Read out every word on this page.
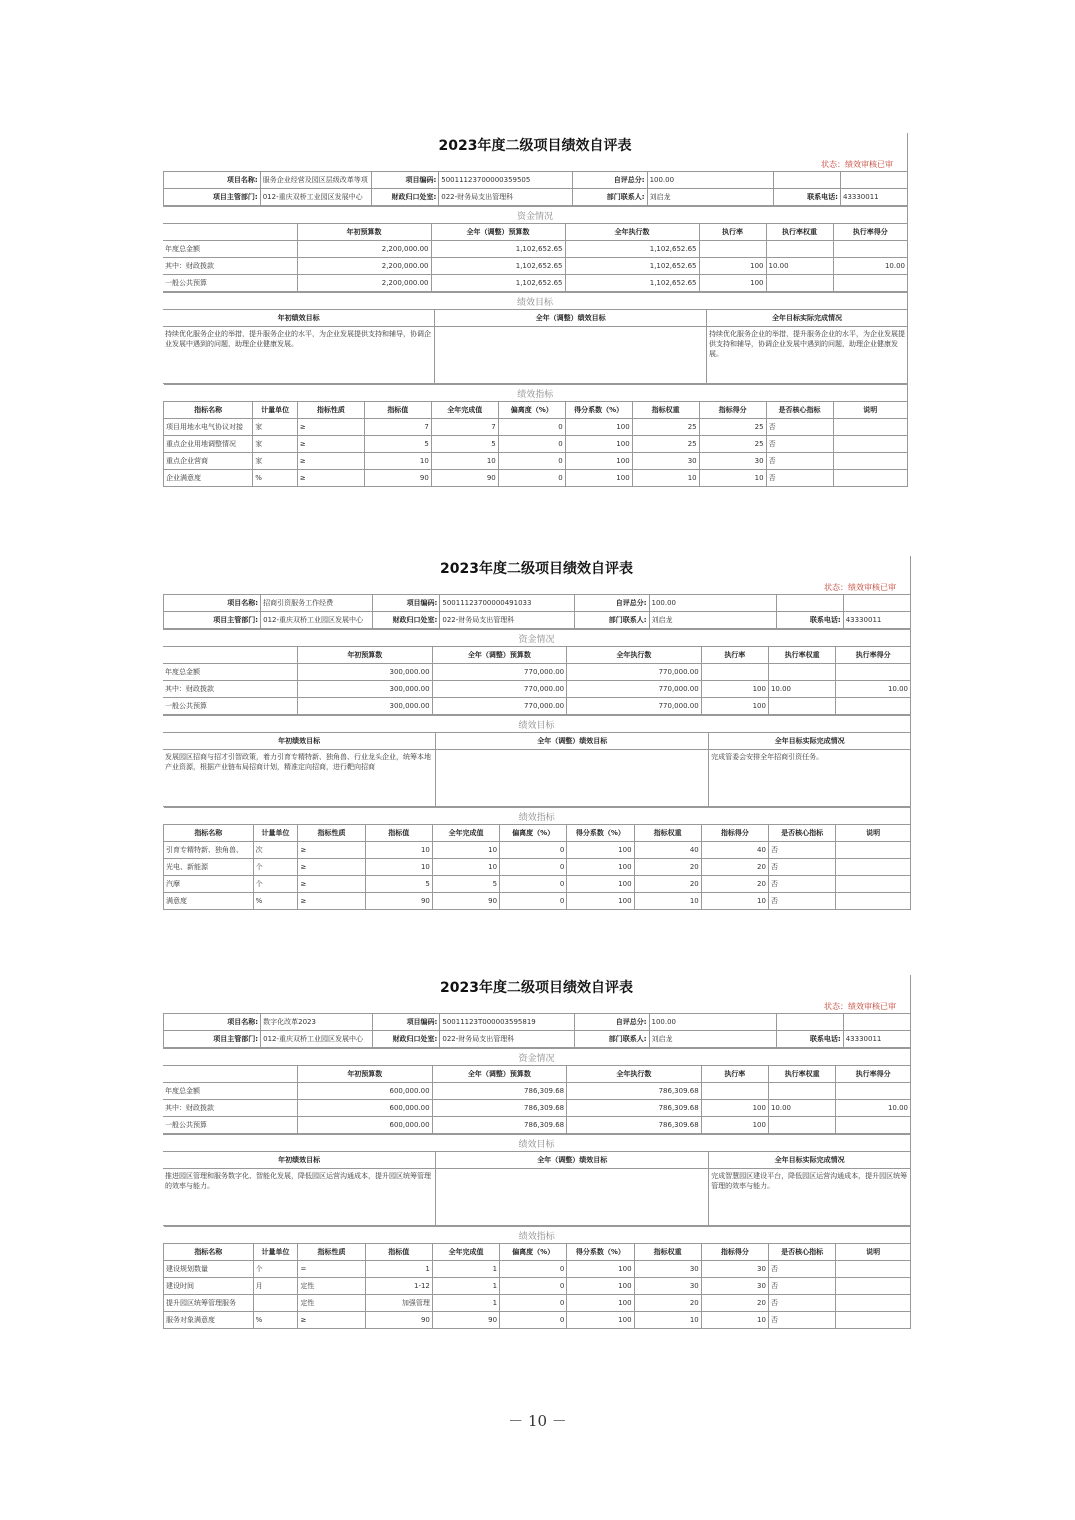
2023年度二级项目绩效自评表
状态：绩效审核已审
项目名称:	服务企业经营及园区层级改革等项	项目编码:	50011123700000359505	自评总分:	100.00		
项目主管部门:	012-重庆双桥工业园区发展中心	财政归口处室:	022-财务局支出管理科	部门联系人:	刘启龙	联系电话:	43330011
资金情况						
	年初预算数	全年（调整）预算数	全年执行数	执行率	执行率权重	执行率得分
年度总金额	2,200,000.00	1,102,652.65	1,102,652.65			
其中：财政拨款	2,200,000.00	1,102,652.65	1,102,652.65	100	10.00	10.00
一般公共预算	2,200,000.00	1,102,652.65	1,102,652.65	100		
绩效目标		
年初绩效目标	全年（调整）绩效目标	全年目标实际完成情况
持续优化服务企业的举措，提升服务企业的水平，为企业发展提供支持和辅导，协调企业发展中遇到的问题，助理企业健康发展。		持续优化服务企业的举措，提升服务企业的水平，为企业发展提供支持和辅导，协调企业发展中遇到的问题，助理企业健康发展。
绩效指标										
指标名称	计量单位	指标性质	指标值	全年完成值	偏离度（%）	得分系数（%）	指标权重	指标得分	是否核心指标	说明
项目用地水电气协议对接	家	≥	7	7	0	100	25	25	否	
重点企业用地调整情况	家	≥	5	5	0	100	25	25	否	
重点企业营商	家	≥	10	10	0	100	30	30	否	
企业满意度	%	≥	90	90	0	100	10	10	否	
2023年度二级项目绩效自评表
状态：绩效审核已审
项目名称:	招商引资服务工作经费	项目编码:	50011123700000491033	自评总分:	100.00		
项目主管部门:	012-重庆双桥工业园区发展中心	财政归口处室:	022-财务局支出管理科	部门联系人:	刘启龙	联系电话:	43330011
资金情况						
	年初预算数	全年（调整）预算数	全年执行数	执行率	执行率权重	执行率得分
年度总金额	300,000.00	770,000.00	770,000.00			
其中：财政拨款	300,000.00	770,000.00	770,000.00	100	10.00	10.00
一般公共预算	300,000.00	770,000.00	770,000.00	100		
绩效目标		
年初绩效目标	全年（调整）绩效目标	全年目标实际完成情况
发展园区招商与招才引智政策，着力引育专精特新、独角兽、行业龙头企业，统筹本地产业资源，根据产业链布局招商计划，精准定向招商，进行靶向招商		完成管委会安排全年招商引资任务。
绩效指标										
指标名称	计量单位	指标性质	指标值	全年完成值	偏离度（%）	得分系数（%）	指标权重	指标得分	是否核心指标	说明
引育专精特新、独角兽、	次	≥	10	10	0	100	40	40	否	
光电、新能源	个	≥	10	10	0	100	20	20	否	
汽摩	个	≥	5	5	0	100	20	20	否	
满意度	%	≥	90	90	0	100	10	10	否	
2023年度二级项目绩效自评表
状态：绩效审核已审
项目名称:	数字化改革2023	项目编码:	50011123T000003595819	自评总分:	100.00		
项目主管部门:	012-重庆双桥工业园区发展中心	财政归口处室:	022-财务局支出管理科	部门联系人:	刘启龙	联系电话:	43330011
资金情况						
	年初预算数	全年（调整）预算数	全年执行数	执行率	执行率权重	执行率得分
年度总金额	600,000.00	786,309.68	786,309.68			
其中：财政拨款	600,000.00	786,309.68	786,309.68	100	10.00	10.00
一般公共预算	600,000.00	786,309.68	786,309.68	100		
绩效目标		
年初绩效目标	全年（调整）绩效目标	全年目标实际完成情况
推进园区管理和服务数字化、智能化发展，降低园区运营沟通成本，提升园区统筹管理的效率与能力。		完成智慧园区建设平台，降低园区运营沟通成本，提升园区统筹管理的效率与能力。
绩效指标										
指标名称	计量单位	指标性质	指标值	全年完成值	偏离度（%）	得分系数（%）	指标权重	指标得分	是否核心指标	说明
建设规划数量	个	=	1	1	0	100	30	30	否	
建设时间	月	定性	1-12	1	0	100	30	30	否	
提升园区统筹管理服务		定性	加强管理	1	0	100	20	20	否	
服务对象满意度	%	≥	90	90	0	100	10	10	否	
－ 10 －
